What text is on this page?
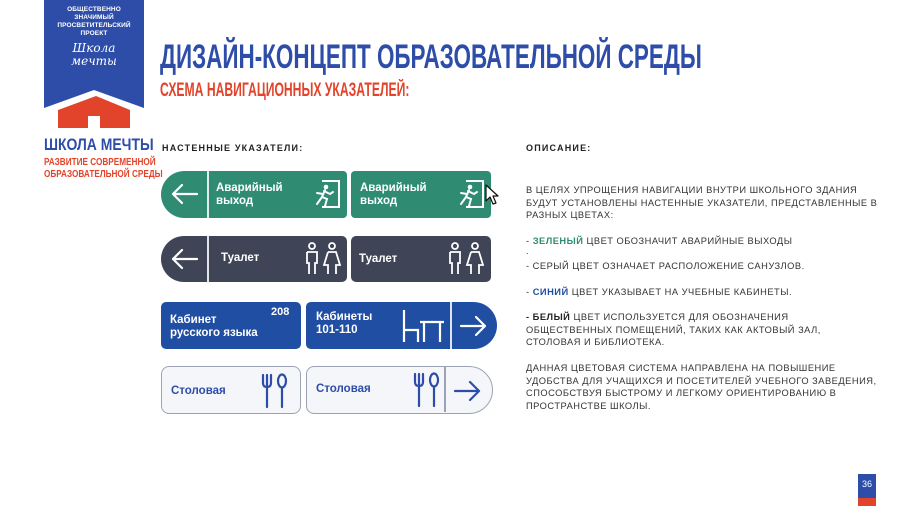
ОБЩЕСТВЕННО ЗНАЧИМЫЙ ПРОСВЕТИТЕЛЬСКИЙ ПРОЕКТ
Школа мечты
ШКОЛА МЕЧТЫ
РАЗВИТИЕ СОВРЕМЕННОЙ
ОБРАЗОВАТЕЛЬНОЙ СРЕДЫ
ДИЗАЙН-КОНЦЕПТ ОБРАЗОВАТЕЛЬНОЙ СРЕДЫ
СХЕМА НАВИГАЦИОННЫХ УКАЗАТЕЛЕЙ:
НАСТЕННЫЕ УКАЗАТЕЛИ:	ОПИСАНИЕ:
Аварийный
выход
Аварийный
выход
Туалет	Туалет
208
Кабинет
русского языка
Кабинеты
101-110
Столовая	Столовая
В ЦЕЛЯХ УПРОЩЕНИЯ НАВИГАЦИИ ВНУТРИ ШКОЛЬНОГО ЗДАНИЯ БУДУТ УСТАНОВЛЕНЫ НАСТЕННЫЕ УКАЗАТЕЛИ, ПРЕДСТАВЛЕННЫЕ В РАЗНЫХ ЦВЕТАХ:
- ЗЕЛЕНЫЙ ЦВЕТ ОБОЗНАЧИТ АВАРИЙНЫЕ ВЫХОДЫ
.
- СЕРЫЙ ЦВЕТ ОЗНАЧАЕТ РАСПОЛОЖЕНИЕ САНУЗЛОВ.
- СИНИЙ ЦВЕТ УКАЗЫВАЕТ НА УЧЕБНЫЕ КАБИНЕТЫ.
- БЕЛЫЙ ЦВЕТ ИСПОЛЬЗУЕТСЯ ДЛЯ ОБОЗНАЧЕНИЯ ОБЩЕСТВЕННЫХ ПОМЕЩЕНИЙ, ТАКИХ КАК АКТОВЫЙ ЗАЛ, СТОЛОВАЯ И БИБЛИОТЕКА.
ДАННАЯ ЦВЕТОВАЯ СИСТЕМА НАПРАВЛЕНА НА ПОВЫШЕНИЕ УДОБСТВА ДЛЯ УЧАЩИХСЯ И ПОСЕТИТЕЛЕЙ УЧЕБНОГО ЗАВЕДЕНИЯ, СПОСОБСТВУЯ БЫСТРОМУ И ЛЕГКОМУ ОРИЕНТИРОВАНИЮ В ПРОСТРАНСТВЕ ШКОЛЫ.
36
